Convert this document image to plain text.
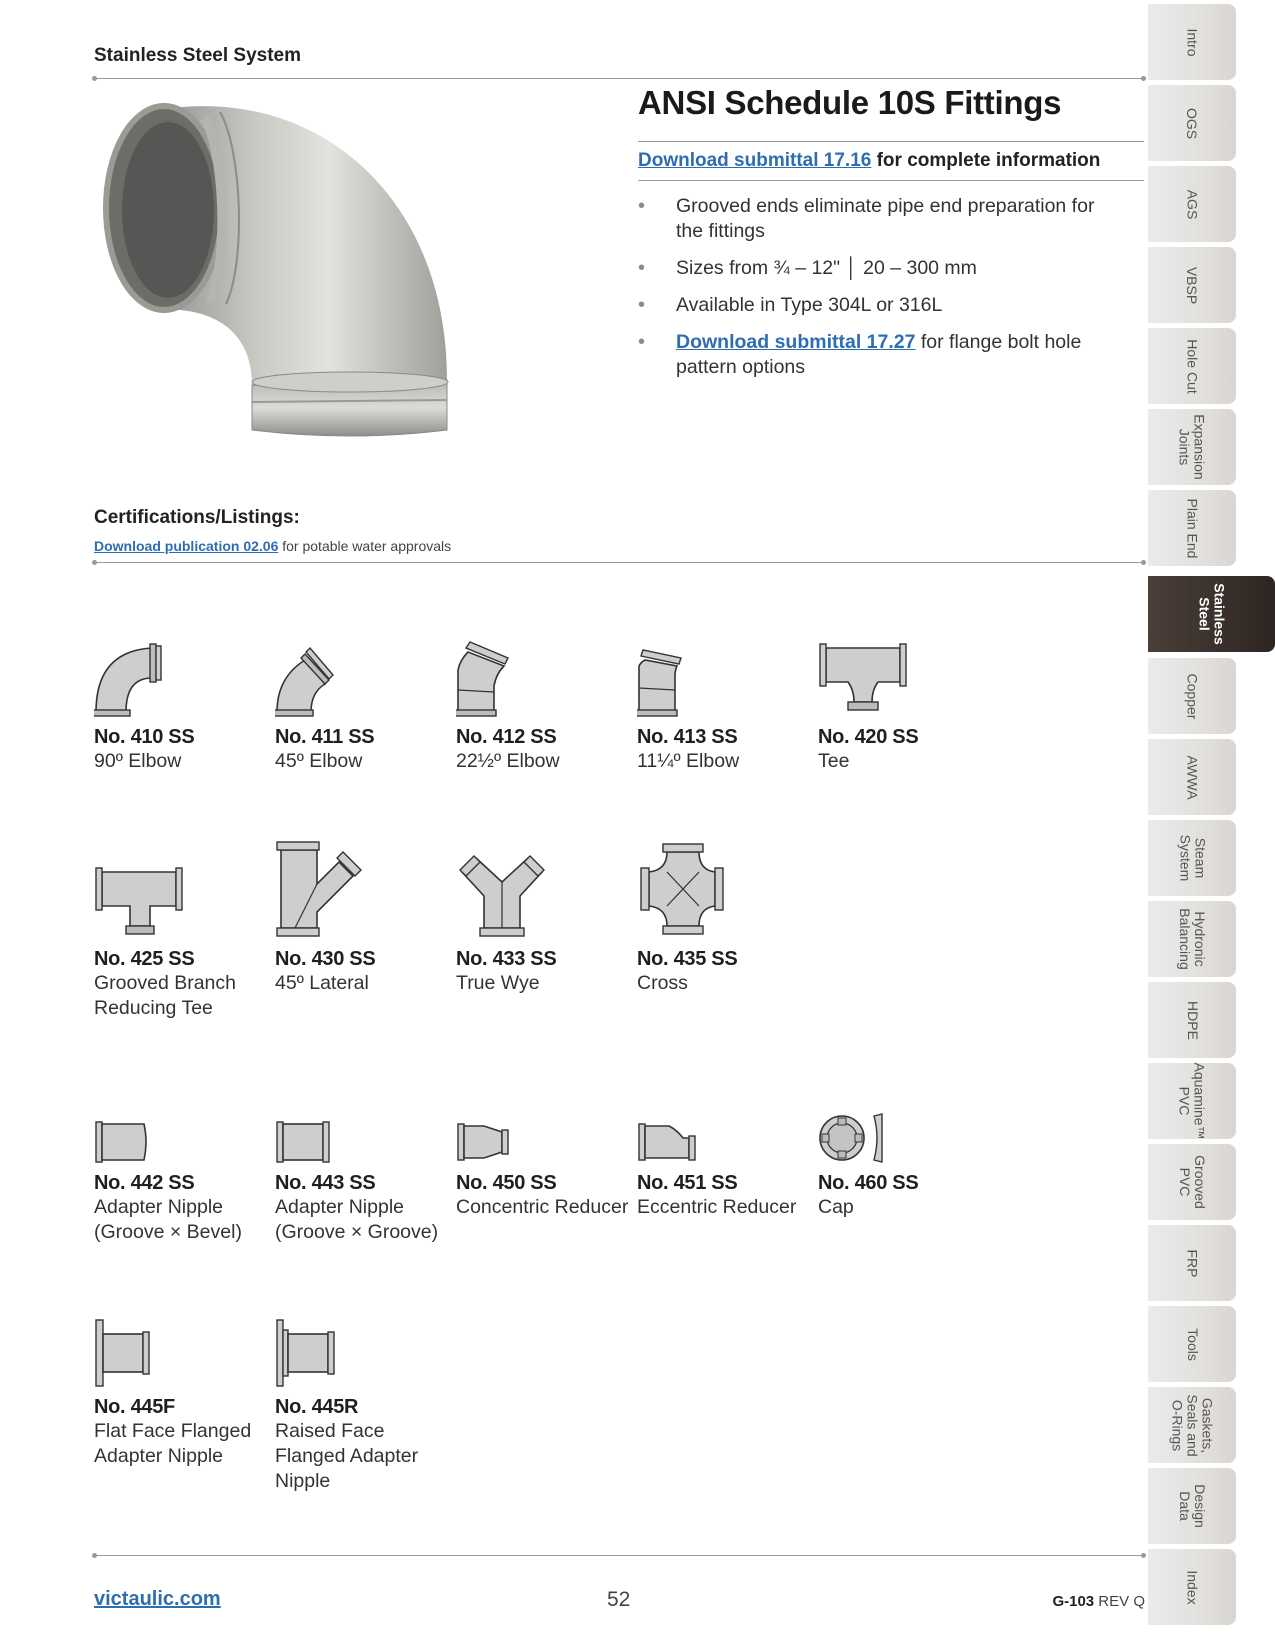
Stainless Steel System
ANSI Schedule 10S Fittings
Download submittal 17.16 for complete information
• Grooved ends eliminate pipe end preparation for the fittings
• Sizes from ¾ – 12" │ 20 – 300 mm
• Available in Type 304L or 316L
• Download submittal 17.27 for flange bolt hole pattern options
Certifications/Listings:
Download publication 02.06 for potable water approvals
No. 410 SS
90º Elbow
No. 411 SS
45º Elbow
No. 412 SS
22½º Elbow
No. 413 SS
11¼º Elbow
No. 420 SS
Tee
No. 425 SS
Grooved Branch Reducing Tee
No. 430 SS
45º Lateral
No. 433 SS
True Wye
No. 435 SS
Cross
No. 442 SS
Adapter Nipple (Groove × Bevel)
No. 443 SS
Adapter Nipple (Groove × Groove)
No. 450 SS
Concentric Reducer
No. 451 SS
Eccentric Reducer
No. 460 SS
Cap
No. 445F
Flat Face Flanged Adapter Nipple
No. 445R
Raised Face Flanged Adapter Nipple
victaulic.com	52	G-103 REV Q
Intro
OGS
AGS
VBSP
Hole Cut
Expansion
Joints
Plain End
Stainless
Steel
Copper
AWWA
Steam
System
Hydronic
Balancing
HDPE
Aquamine™
PVC
Grooved
PVC
FRP
Tools
Gaskets,
Seals and
O-Rings
Design
Data
Index
